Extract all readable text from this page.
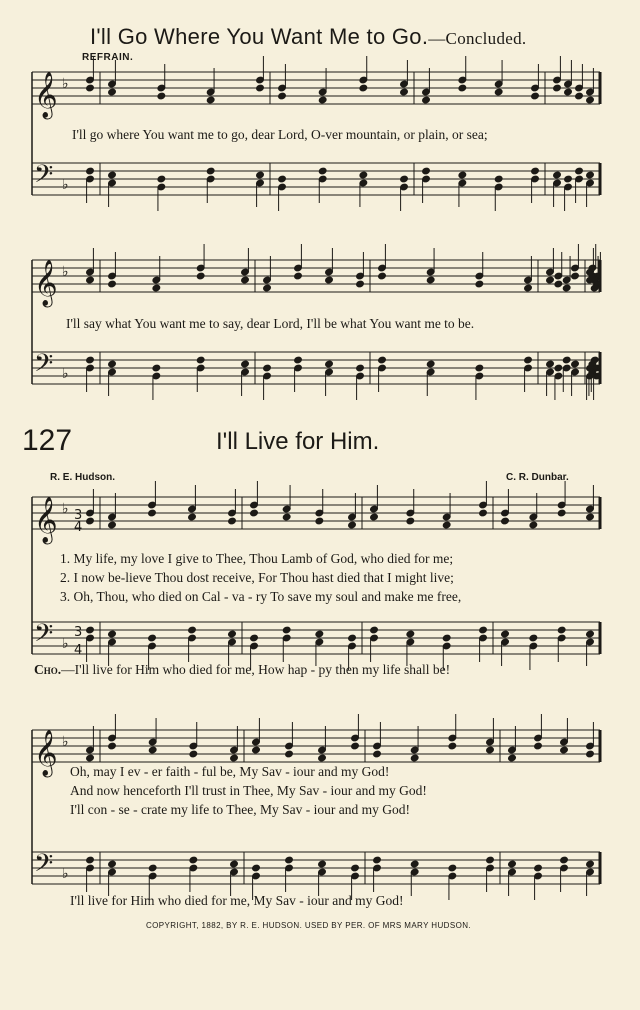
I'll Go Where You Want Me to Go.—Concluded.
REFRAIN.
𝄞
𝄢
♭
♭
𝄞
𝄢
♭
♭
𝄞
𝄢
♭
♭
3
4
3
4
𝄞
𝄢
♭
♭
I'll go where You want me to go, dear Lord, O-ver mountain, or plain, or sea;
I'll say what You want me to say, dear Lord, I'll be what You want me to be.
127	I'll Live for Him.
R. E. Hudson.	C. R. Dunbar.
1. My life, my love I give to Thee, Thou Lamb of God, who died for me;
2. I now be-lieve Thou dost receive, For Thou hast died that I might live;
3. Oh, Thou, who died on Cal - va - ry To save my soul and make me free,
Cho.—I'll live for Him who died for me, How hap - py then my life shall be!
Oh, may I ev - er faith - ful be, My Sav - iour and my God!
And now henceforth I'll trust in Thee, My Sav - iour and my God!
I'll con - se - crate my life to Thee, My Sav - iour and my God!
I'll live for Him who died for me, My Sav - iour and my God!
COPYRIGHT, 1882, BY R. E. HUDSON. USED BY PER. OF MRS MARY HUDSON.
